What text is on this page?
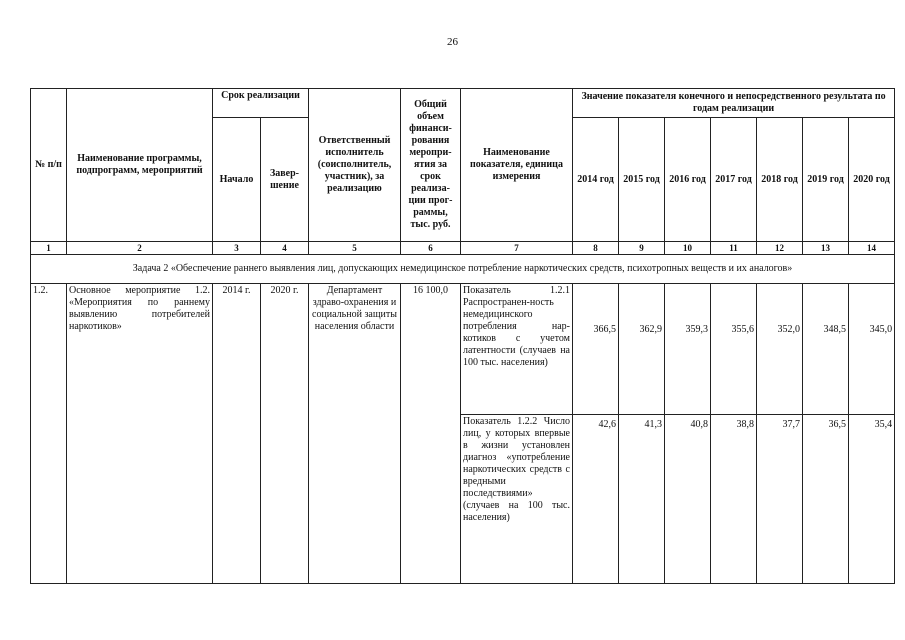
26
№ п/п	Наименование программы, подпрограмм, мероприятий	Срок реализации		Ответственный исполнитель (соисполнитель, участник), за реализацию	Общий объем финанси-рования меропри-ятия за срок реализа-ции прог-раммы, тыс. руб.	Наименование показателя, единица измерения	Значение показателя конечного и непосредственного результата по годам реализации						
		Начало	Завер-шение				2014 год	2015 год	2016 год	2017 год	2018 год	2019 год	2020 год
1	2	3	4	5	6	7	8	9	10	11	12	13	14
Задача 2 «Обеспечение раннего выявления лиц, допускающих немедицинское потребление наркотических средств, психотропных веществ и их аналогов»													
1.2.	Основное мероприятие 1.2. «Мероприятия по раннему выявлению потребителей наркотиков»	2014 г.	2020 г.	Департамент здраво-охранения и социальной защиты населения области	16 100,0	Показатель 1.2.1 Распространен-ность немедицинского потребления нар-котиков с учетом латентности (случаев на 100 тыс. населения)	366,5	362,9	359,3	355,6	352,0	348,5	345,0
						Показатель 1.2.2 Число лиц, у которых впервые в жизни установлен диагноз «употребление наркотических средств с вредными последствиями» (случаев на 100 тыс. населения)	42,6	41,3	40,8	38,8	37,7	36,5	35,4
